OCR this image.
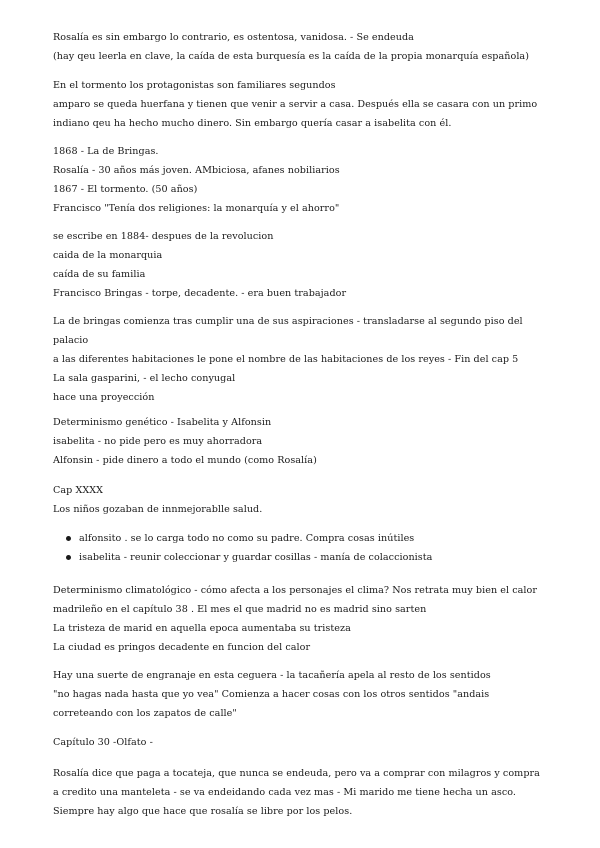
Rosalía es sin embargo lo contrario, es ostentosa, vanidosa. - Se endeuda
(hay qeu leerla en clave, la caída de esta burquesía es la caída de la propia monarquía española)
En el tormento los protagonistas son familiares segundos
amparo se queda huerfana y tienen que venir a servir a casa. Después ella se casara con un primo
indiano qeu ha hecho mucho dinero. Sin embargo quería casar a isabelita con él.
1868 - La de Bringas.
Rosalía - 30 años más joven. AMbiciosa, afanes nobiliarios
1867 - El tormento. (50 años)
Francisco "Tenía dos religiones: la monarquía y el ahorro"
se escribe en 1884- despues de la revolucion
caida de la monarquia
caída de su familia
Francisco Bringas - torpe, decadente. - era buen trabajador
La de bringas comienza tras cumplir una de sus aspiraciones - transladarse al segundo piso del
palacio
a las diferentes habitaciones le pone el nombre de las habitaciones de los reyes - Fin del cap 5
La sala gasparini, - el lecho conyugal
hace una proyección
Determinismo genético - Isabelita y Alfonsin
isabelita - no pide pero es muy ahorradora
Alfonsin - pide dinero a todo el mundo (como Rosalía)
Cap XXXX
Los niños gozaban de innmejorablle salud.
alfonsito . se lo carga todo no como su padre. Compra cosas inútiles
isabelita - reunir coleccionar y guardar cosillas - manía de colaccionista
Determinismo climatológico - cómo afecta a los personajes el clima? Nos retrata muy bien el calor
madrileño en el capítulo 38 . El mes el que madrid no es madrid sino sarten
La tristeza de marid en aquella epoca aumentaba su tristeza
La ciudad es pringos decadente en funcion del calor
Hay una suerte de engranaje en esta ceguera - la tacañería apela al resto de los sentidos
"no hagas nada hasta que yo vea" Comienza a hacer cosas con los otros sentidos "andais
correteando con los zapatos de calle"
Capítulo 30 -Olfato -
Rosalía dice que paga a tocateja, que nunca se endeuda, pero va a comprar con milagros y compra
a credito una manteleta - se va endeidando cada vez mas - Mi marido me tiene hecha un asco.
Siempre hay algo que hace que rosalía se libre por los pelos.
